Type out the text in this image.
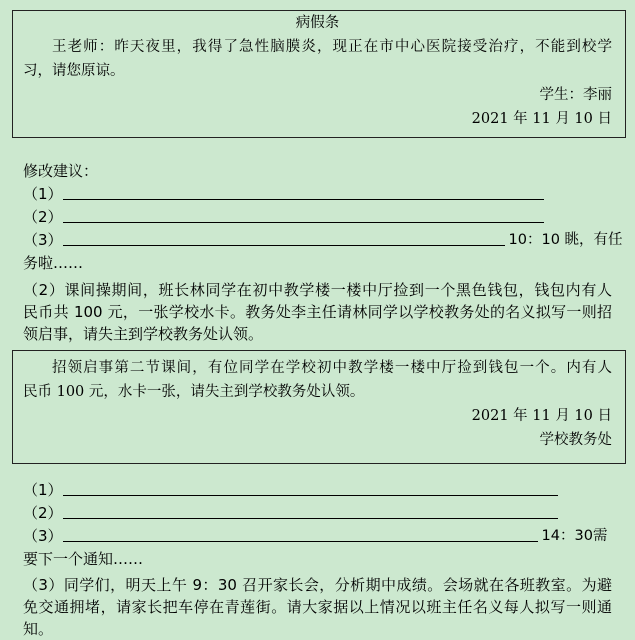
病假条
王老师：昨天夜里，我得了急性脑膜炎，现正在市中心医院接受治疗，不能到校学
习，请您原谅。
学生：李丽
2021 年 11 月 10 日
修改建议：
（1）
（2）
（3）	10：10 眺，有任
务啦……
（2）课间操期间，班长林同学在初中教学楼一楼中厅捡到一个黑色钱包，钱包内有人
民币共 100 元，一张学校水卡。教务处李主任请林同学以学校教务处的名义拟写一则招
领启事，请失主到学校教务处认领。
招领启事第二节课间，有位同学在学校初中教学楼一楼中厅捡到钱包一个。内有人
民币 100 元，水卡一张，请失主到学校教务处认领。
2021 年 11 月 10 日
学校教务处
（1）
（2）
（3）	14：30需
要下一个通知……
（3）同学们，明天上午 9：30 召开家长会，分析期中成绩。会场就在各班教室。为避
免交通拥堵，请家长把车停在青莲街。请大家据以上情况以班主任名义每人拟写一则通
知。
